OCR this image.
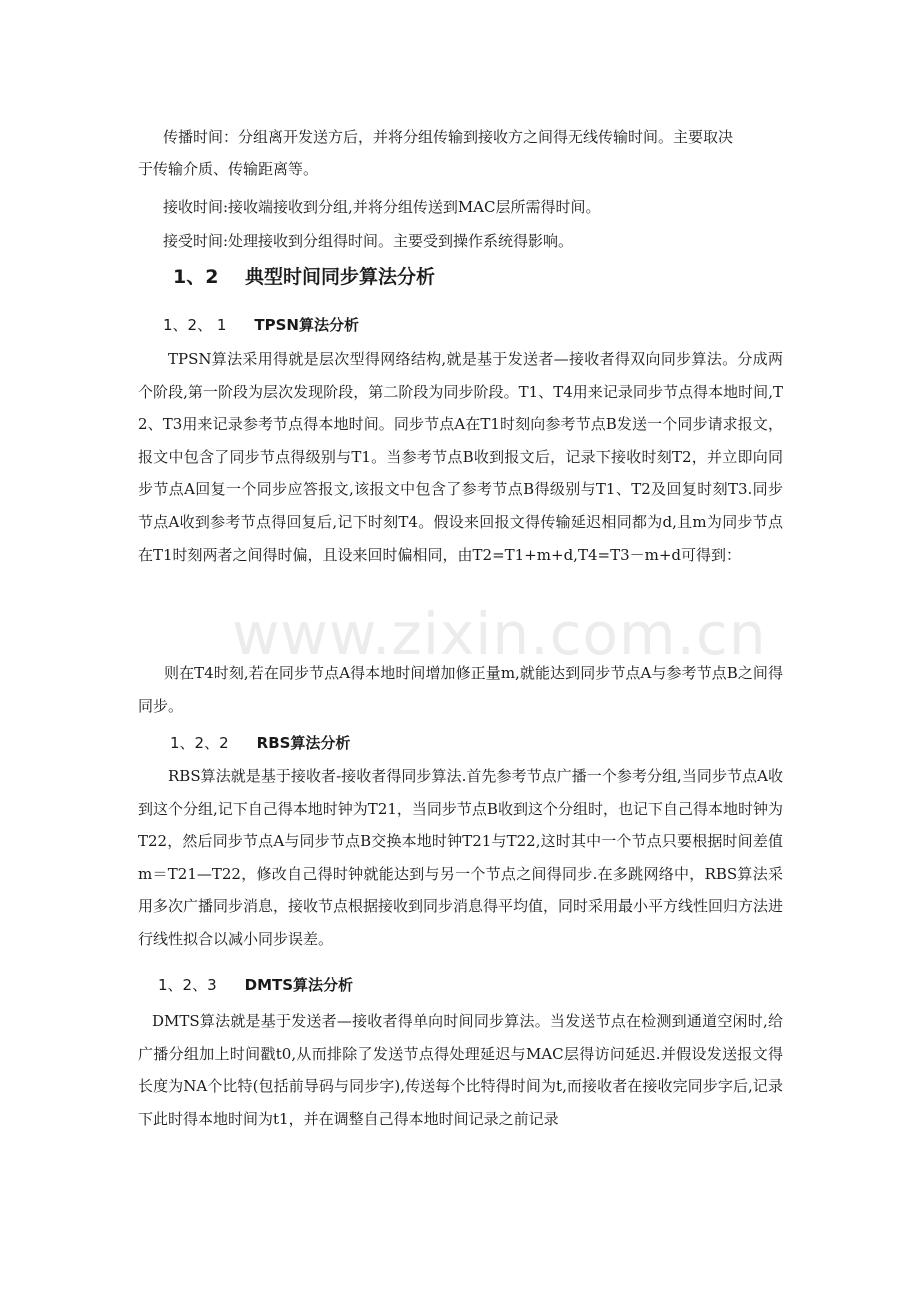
传播时间：分组离开发送方后，并将分组传输到接收方之间得无线传输时间。主要取决

于传输介质、传输距离等。

接收时间:接收端接收到分组,并将分组传送到MAC层所需得时间。

接受时间:处理接收到分组得时间。主要受到操作系统得影响。

1、2 典型时间同步算法分析
1、2、 1 TPSN算法分析

TPSN算法采用得就是层次型得网络结构,就是基于发送者—接收者得双向同步算法。分成两个阶段,第一阶段为层次发现阶段，第二阶段为同步阶段。T1、T4用来记录同步节点得本地时间,T2、T3用来记录参考节点得本地时间。同步节点A在T1时刻向参考节点B发送一个同步请求报文，报文中包含了同步节点得级别与T1。当参考节点B收到报文后，记录下接收时刻T2，并立即向同步节点A回复一个同步应答报文,该报文中包含了参考节点B得级别与T1、T2及回复时刻T3.同步节点A收到参考节点得回复后,记下时刻T4。假设来回报文得传输延迟相同都为d,且m为同步节点在T1时刻两者之间得时偏，且设来回时偏相同，由T2=T1+m+d,T4=T3－m+d可得到：

www.zixin.com.cn

则在T4时刻,若在同步节点A得本地时间增加修正量m,就能达到同步节点A与参考节点B之间得同步。

1、2、2 RBS算法分析

RBS算法就是基于接收者-接收者得同步算法.首先参考节点广播一个参考分组,当同步节点A收到这个分组,记下自己得本地时钟为T21，当同步节点B收到这个分组时，也记下自己得本地时钟为T22，然后同步节点A与同步节点B交换本地时钟T21与T22,这时其中一个节点只要根据时间差值m＝T21—T22，修改自己得时钟就能达到与另一个节点之间得同步.在多跳网络中，RBS算法采用多次广播同步消息，接收节点根据接收到同步消息得平均值，同时采用最小平方线性回归方法进行线性拟合以减小同步误差。

1、2、3 DMTS算法分析

DMTS算法就是基于发送者—接收者得单向时间同步算法。当发送节点在检测到通道空闲时,给广播分组加上时间戳t0,从而排除了发送节点得处理延迟与MAC层得访问延迟.并假设发送报文得长度为NA个比特(包括前导码与同步字),传送每个比特得时间为t,而接收者在接收完同步字后,记录下此时得本地时间为t1，并在调整自己得本地时间记录之前记录
